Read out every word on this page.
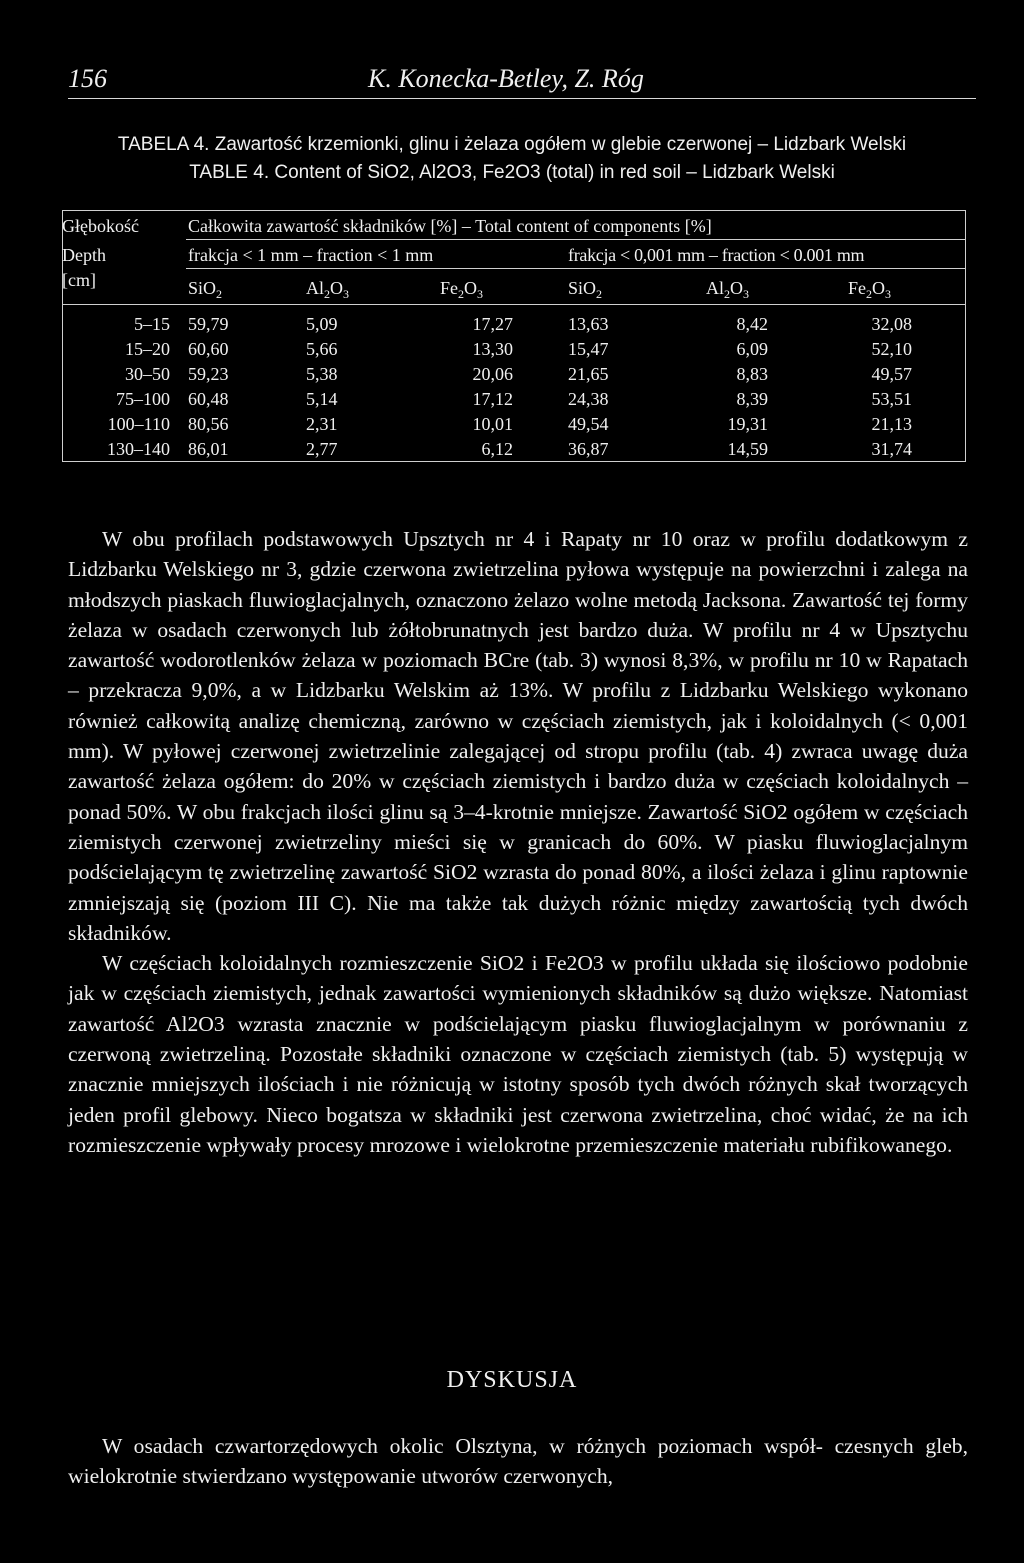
156	K. Konecka-Betley, Z. Róg
TABELA 4. Zawartość krzemionki, glinu i żelaza ogółem w glebie czerwonej – Lidzbark Welski
TABLE 4. Content of SiO2, Al2O3, Fe2O3 (total) in red soil – Lidzbark Welski
Głębokość
Depth
[cm]
Całkowita zawartość składników [%] – Total content of components [%]
frakcja < 1 mm – fraction < 1 mm	frakcja < 0,001 mm – fraction < 0.001 mm
SiO$_2$	$Al_2O_3$	$Fe_2O_3$	SiO$_2$	$Al_2O_3$	$Fe_2O_3$
5–15 59,79	5,09	17,27	13,63	8,42	32,08
15–20 60,60	5,66	13,30	15,47	6,09	52,10
30–50 59,23	5,38	20,06	21,65	8,83	49,57
75–100 60,48	5,14	17,12	24,38	8,39	53,51
100–110 80,56	2,31	10,01	49,54	19,31	21,13
130–140 86,01	2,77	6,12	36,87	14,59	31,74

W obu profilach podstawowych Upsztych nr 4 i Rapaty nr 10 oraz w profilu dodatkowym z Lidzbarku Welskiego nr 3, gdzie czerwona zwietrzelina pyłowa występuje na powierzchni i zalega na młodszych piaskach fluwioglacjalnych, oznaczono żelazo wolne metodą Jacksona. Zawartość tej formy żelaza w osadach czerwonych lub żółtobrunatnych jest bardzo duża. W profilu nr 4 w Upsztychu zawartość wodorotlenków żelaza w poziomach BCre (tab. 3) wynosi 8,3%, w profilu nr 10 w Rapatach – przekracza 9,0%, a w Lidzbarku Welskim aż 13%. W profilu z Lidzbarku Welskiego wykonano również całkowitą analizę chemiczną, zarówno w częściach ziemistych, jak i koloidalnych (< 0,001 mm). W pyłowej czerwonej zwietrzelinie zalegającej od stropu profilu (tab. 4) zwraca uwagę duża zawartość żelaza ogółem: do 20% w częściach ziemistych i bardzo duża w częściach koloidalnych – ponad 50%. W obu frakcjach ilości glinu są 3–4-krotnie mniejsze. Zawartość SiO2 ogółem w częściach ziemistych czerwonej zwietrzeliny mieści się w granicach do 60%. W piasku fluwioglacjalnym podścielającym tę zwietrzelinę zawartość SiO2 wzrasta do ponad 80%, a ilości żelaza i glinu raptownie zmniejszają się (poziom III C). Nie ma także tak dużych różnic między zawartością tych dwóch składników.

W częściach koloidalnych rozmieszczenie SiO2 i Fe2O3 w profilu układa się ilościowo podobnie jak w częściach ziemistych, jednak zawartości wymienionych składników są dużo większe. Natomiast zawartość Al2O3 wzrasta znacznie w podścielającym piasku fluwioglacjalnym w porównaniu z czerwoną zwietrzeliną. Pozostałe składniki oznaczone w częściach ziemistych (tab. 5) występują w znacznie mniejszych ilościach i nie różnicują w istotny sposób tych dwóch różnych skał tworzących jeden profil glebowy. Nieco bogatsza w składniki jest czerwona zwietrzelina, choć widać, że na ich rozmieszczenie wpływały procesy mrozowe i wielokrotne przemieszczenie materiału rubifikowanego.

DYSKUSJA

W osadach czwartorzędowych okolic Olsztyna, w różnych poziomach współ- czesnych gleb, wielokrotnie stwierdzano występowanie utworów czerwonych,
